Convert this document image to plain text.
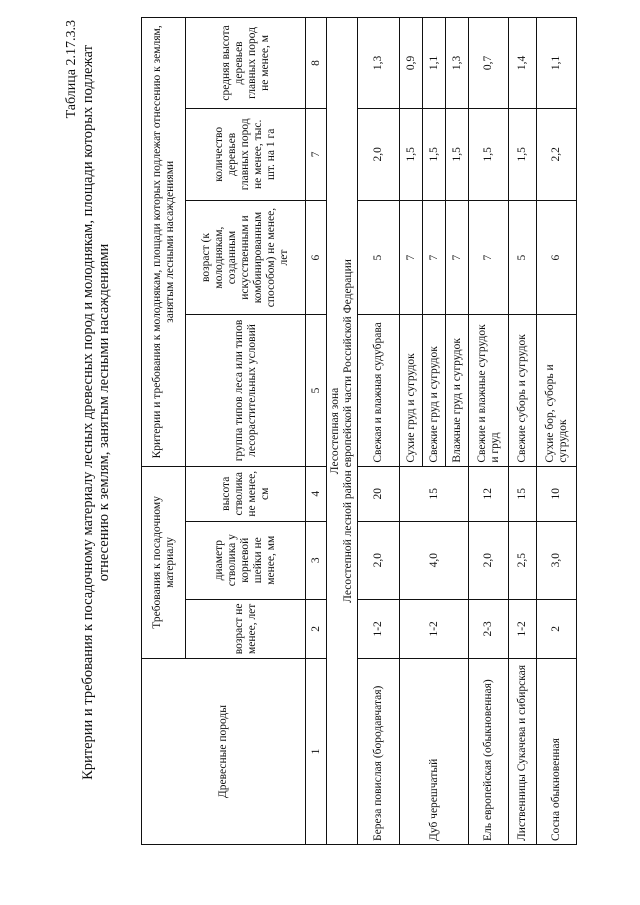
Таблица 2.17.3.3 Критерии и требования к посадочному материалу лесных древесных пород и молоднякам, площади которых подлежат отнесению к землям, занятым лесными насаждениями
Древесные породы	Требования к посадочному материалу			Критерии и требования к молоднякам, площади которых подлежат отнесению к землям, занятым лесными насаждениями			
	возраст не менее, лет	диаметр стволика у корневой шейки не менее, мм	высота стволика не менее, см	группа типов леса или типов лесорастительных условий	возраст (к молоднякам, созданным искусственным и комбинированным способом) не менее, лет	количество деревьев главных пород не менее, тыс. шт. на 1 га	средняя высота деревьев главных пород не менее, м
1	2	3	4	5	6	7	8

Лесостепная зона Лесостепной лесной район европейской части Российской Федерации							

Береза повислая (бородавчатая)	1-2	2,0	20	Свежая и влажная судубрава	5	2,0	1,3
Дуб черешчатый	1-2	4,0	15	Сухие груд и сугрудок	7	1,5	0,9
				Свежие груд и сугрудок	7	1,5	1,1
				Влажные груд и сугрудок	7	1,5	1,3
Ель европейская (обыкновенная)	2-3	2,0	12	Свежие и влажные сугрудок и груд	7	1,5	0,7
Лиственницы Сукачева и сибирская	1-2	2,5	15	Свежие суборь и сугрудок	5	1,5	1,4
Сосна обыкновенная	2	3,0	10	Сухие бор, суборь и сугрудок	6	2,2	1,1
